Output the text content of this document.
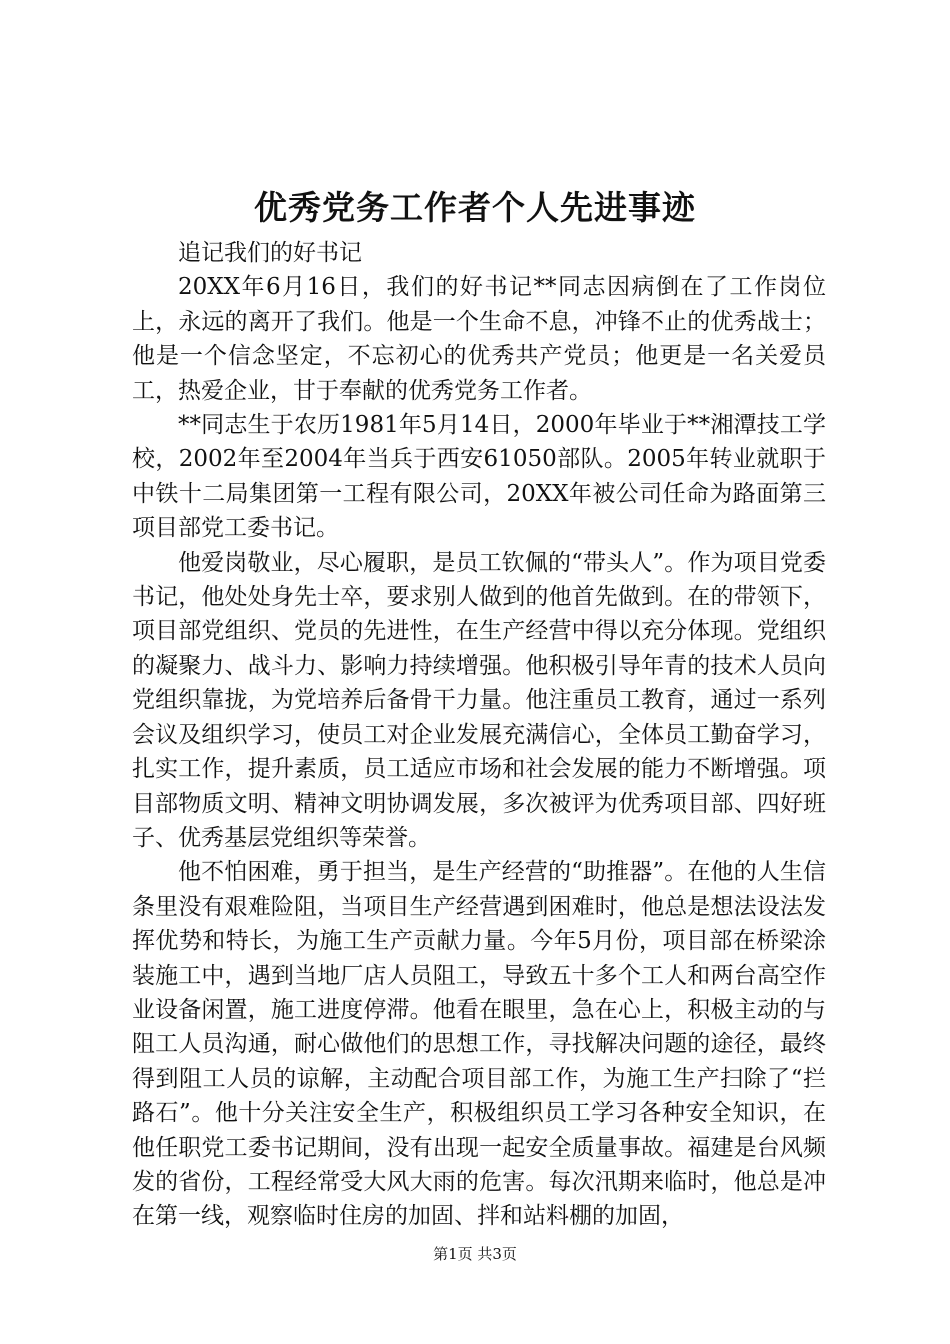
优秀党务工作者个人先进事迹

追记我们的好书记

20XX年6月16日，我们的好书记**同志因病倒在了工作岗位上，永远的离开了我们。他是一个生命不息，冲锋不止的优秀战士；他是一个信念坚定，不忘初心的优秀共产党员；他更是一名关爱员工，热爱企业，甘于奉献的优秀党务工作者。

**同志生于农历1981年5月14日，2000年毕业于**湘潭技工学校，2002年至2004年当兵于西安61050部队。2005年转业就职于中铁十二局集团第一工程有限公司，20XX年被公司任命为路面第三项目部党工委书记。

他爱岗敬业，尽心履职，是员工钦佩的“带头人”。作为项目党委书记，他处处身先士卒，要求别人做到的他首先做到。在的带领下，项目部党组织、党员的先进性，在生产经营中得以充分体现。党组织的凝聚力、战斗力、影响力持续增强。他积极引导年青的技术人员向党组织靠拢，为党培养后备骨干力量。他注重员工教育，通过一系列会议及组织学习，使员工对企业发展充满信心，全体员工勤奋学习，扎实工作，提升素质，员工适应市场和社会发展的能力不断增强。项目部物质文明、精神文明协调发展，多次被评为优秀项目部、四好班子、优秀基层党组织等荣誉。

他不怕困难，勇于担当，是生产经营的“助推器”。在他的人生信条里没有艰难险阻，当项目生产经营遇到困难时，他总是想法设法发挥优势和特长，为施工生产贡献力量。今年5月份，项目部在桥梁涂装施工中，遇到当地厂店人员阻工，导致五十多个工人和两台高空作业设备闲置，施工进度停滞。他看在眼里，急在心上，积极主动的与阻工人员沟通，耐心做他们的思想工作，寻找解决问题的途径，最终得到阻工人员的谅解，主动配合项目部工作，为施工生产扫除了“拦路石”。他十分关注安全生产，积极组织员工学习各种安全知识，在他任职党工委书记期间，没有出现一起安全质量事故。福建是台风频发的省份，工程经常受大风大雨的危害。每次汛期来临时，他总是冲在第一线，观察临时住房的加固、拌和站料棚的加固，

第1页 共3页
